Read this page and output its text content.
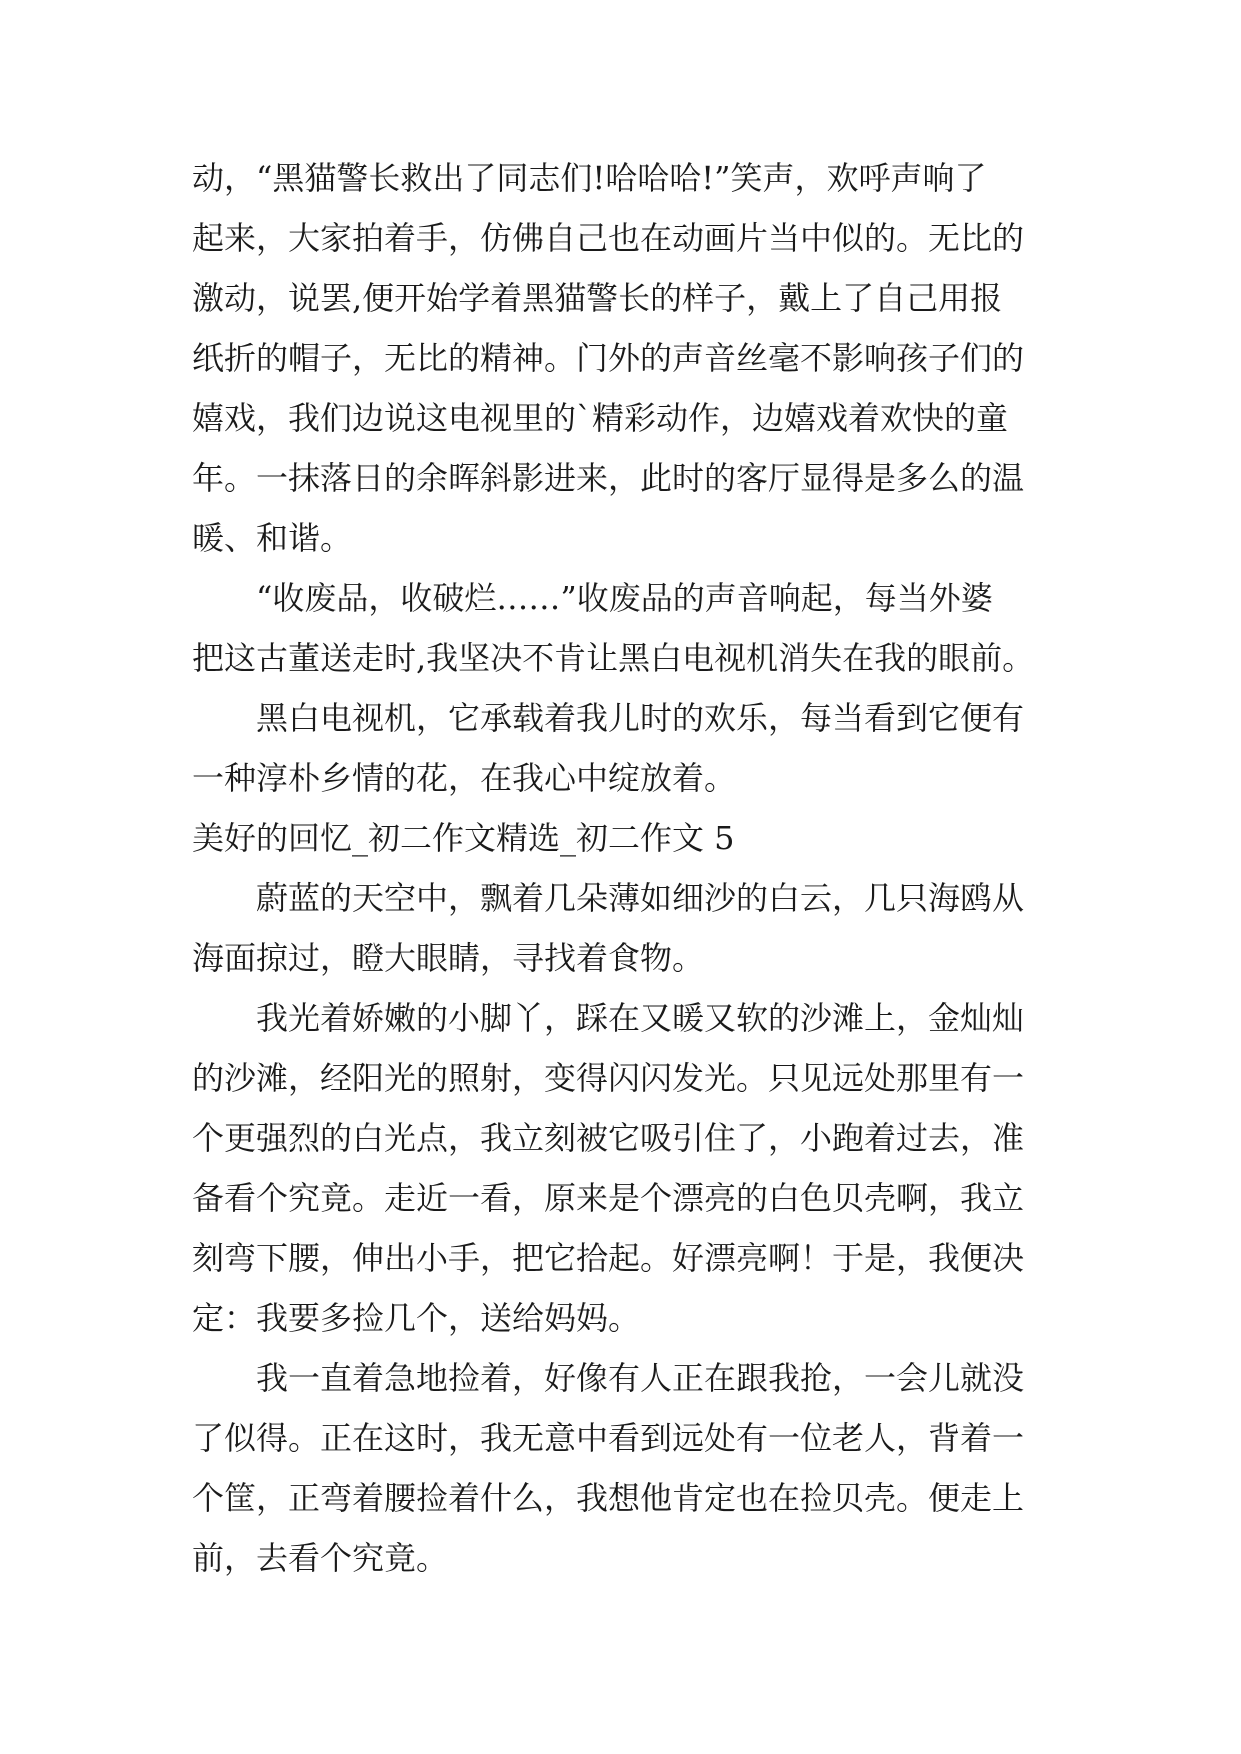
动，“黑猫警长救出了同志们!哈哈哈!”笑声，欢呼声响了
起来，大家拍着手，仿佛自己也在动画片当中似的。无比的
激动，说罢,便开始学着黑猫警长的样子，戴上了自己用报
纸折的帽子，无比的精神。门外的声音丝毫不影响孩子们的
嬉戏，我们边说这电视里的`精彩动作，边嬉戏着欢快的童
年。一抹落日的余晖斜影进来，此时的客厅显得是多么的温
暖、和谐。
“收废品，收破烂……”收废品的声音响起，每当外婆
把这古董送走时,我坚决不肯让黑白电视机消失在我的眼前。
黑白电视机，它承载着我儿时的欢乐，每当看到它便有
一种淳朴乡情的花，在我心中绽放着。
美好的回忆_初二作文精选_初二作文 5
蔚蓝的天空中，飘着几朵薄如细沙的白云，几只海鸥从
海面掠过，瞪大眼睛，寻找着食物。
我光着娇嫩的小脚丫，踩在又暖又软的沙滩上，金灿灿
的沙滩，经阳光的照射，变得闪闪发光。只见远处那里有一
个更强烈的白光点，我立刻被它吸引住了，小跑着过去，准
备看个究竟。走近一看，原来是个漂亮的白色贝壳啊，我立
刻弯下腰，伸出小手，把它拾起。好漂亮啊！于是，我便决
定：我要多捡几个，送给妈妈。
我一直着急地捡着，好像有人正在跟我抢，一会儿就没
了似得。正在这时，我无意中看到远处有一位老人，背着一
个筐，正弯着腰捡着什么，我想他肯定也在捡贝壳。便走上
前，去看个究竟。
